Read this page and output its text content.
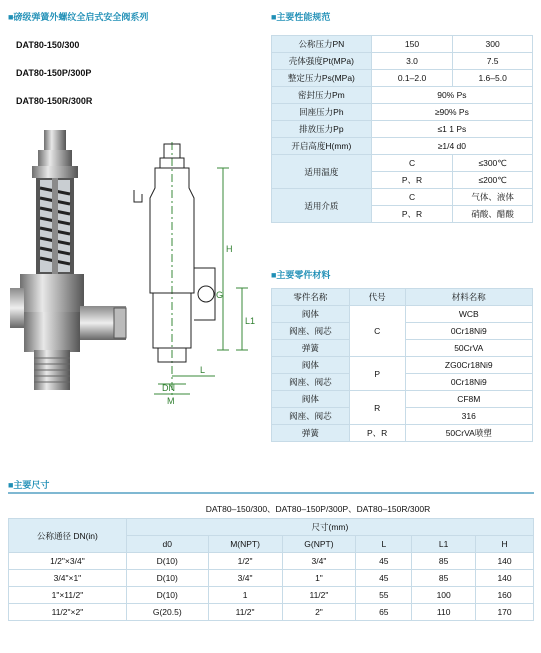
■磅级弹簧外螺纹全启式安全阀系列
DAT80-150/300
DAT80-150P/300P
DAT80-150R/300R
■主要性能规范
公称压力PN	150	300
壳体强度Pt(MPa)	3.0	7.5
整定压力Ps(MPa)	0.1–2.0	1.6–5.0
密封压力Pm	90% Ps	
回座压力Ph	≥90% Ps	
排放压力Pp	≤1 1 Ps	
开启高度H(mm)	≥1/4 d0	
适用温度	C	≤300℃
	P、R	≤200℃
适用介质	C	气体、液体
	P、R	硝酸、醋酸
■主要零件材料
零件名称	代号	材料名称
阀体	C	WCB
阀座、阀芯		0Cr18Ni9
弹簧		50CrVA
阀体	P	ZG0Cr18Ni9
阀座、阀芯		0Cr18Ni9
阀体	R	CF8M
阀座、阀芯		316
弹簧	P、R	50CrVA喷塑
H
L1
L
G
DN
M
■主要尺寸
DAT80–150/300、DAT80–150P/300P、DAT80–150R/300R
公称通径 DN(in)	尺寸(mm)					
	d0	M(NPT)	G(NPT)	L	L1	H
1/2"×3/4"	D(10)	1/2"	3/4"	45	85	140
3/4"×1"	D(10)	3/4"	1"	45	85	140
1"×11/2"	D(10)	1	11/2"	55	100	160
11/2"×2"	G(20.5)	11/2"	2"	65	110	170
